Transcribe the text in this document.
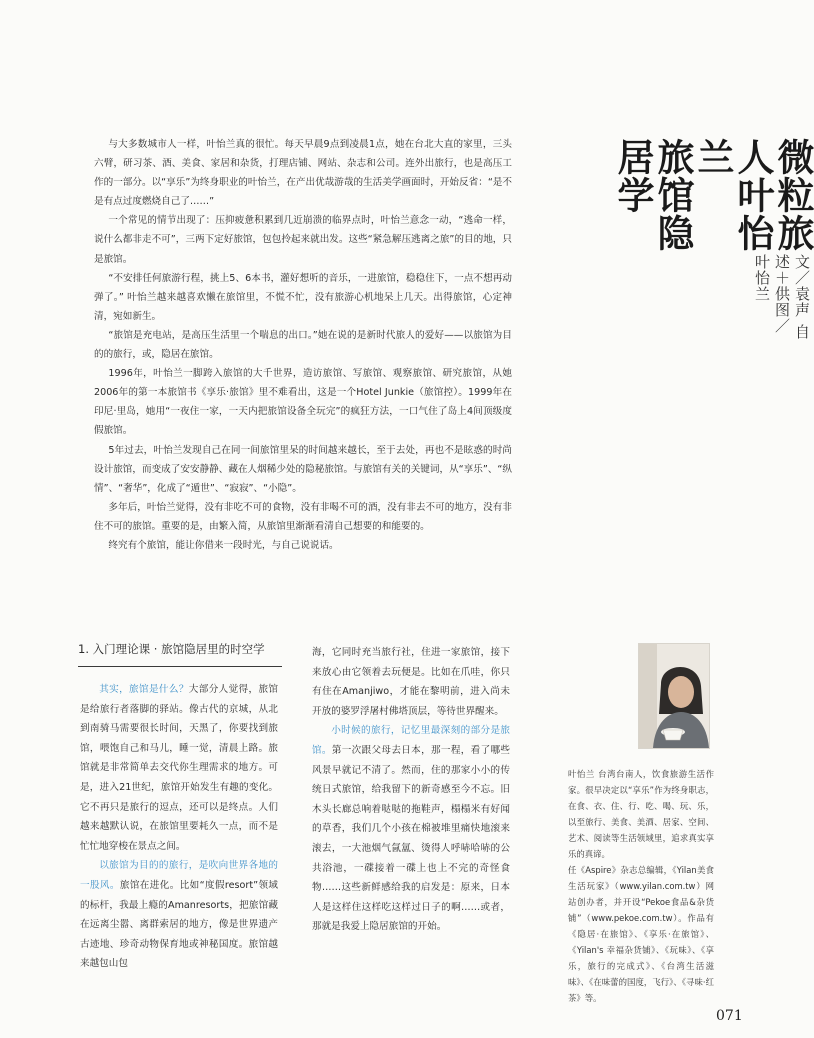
微粒旅人叶怡兰
旅馆隐居学
文／袁声 自述＋供图／叶怡兰

与大多数城市人一样，叶怡兰真的很忙。每天早晨9点到凌晨1点，她在台北大直的家里，三头六臂，研习茶、酒、美食、家居和杂货，打理店铺、网站、杂志和公司。连外出旅行，也是高压工作的一部分。以“享乐”为终身职业的叶怡兰，在产出优哉游哉的生活美学画面时，开始反省：“是不是有点过度燃烧自己了……”

一个常见的情节出现了：压抑疲惫积累到几近崩溃的临界点时，叶怡兰意念一动，“逃命一样，说什么都非走不可”，三两下定好旅馆，包包拎起来就出发。这些“紧急解压逃离之旅”的目的地，只是旅馆。

“不安排任何旅游行程，挑上5、6本书，灌好想听的音乐，一进旅馆，稳稳住下，一点不想再动弹了。” 叶怡兰越来越喜欢懒在旅馆里，不慌不忙，没有旅游心机地呆上几天。出得旅馆，心定神清，宛如新生。

“旅馆是充电站，是高压生活里一个喘息的出口。”她在说的是新时代旅人的爱好——以旅馆为目的的旅行，或，隐居在旅馆。

1996年，叶怡兰一脚跨入旅馆的大千世界，造访旅馆、写旅馆、观察旅馆、研究旅馆，从她2006年的第一本旅馆书《享乐·旅馆》里不难看出，这是一个Hotel Junkie（旅馆控）。1999年在印尼·里岛，她用“一夜住一家，一天内把旅馆设备全玩完”的疯狂方法，一口气住了岛上4间顶级度假旅馆。

5年过去，叶怡兰发现自己在同一间旅馆里呆的时间越来越长，至于去处，再也不是眩惑的时尚设计旅馆，而变成了安安静静、藏在人烟稀少处的隐秘旅馆。与旅馆有关的关键词，从“享乐”、“纵情”、“奢华”，化成了“遁世”、“寂寂”、“小隐”。

多年后，叶怡兰觉得，没有非吃不可的食物，没有非喝不可的酒，没有非去不可的地方，没有非住不可的旅馆。重要的是，由繁入简，从旅馆里渐渐看清自己想要的和能要的。

终究有个旅馆，能让你借来一段时光，与自己说说话。

1. 入门理论课 · 旅馆隐居里的时空学

其实，旅馆是什么？大部分人觉得，旅馆是给旅行者落脚的驿站。像古代的京城，从北到南骑马需要很长时间，天黑了，你要找到旅馆，喂饱自己和马儿，睡一觉，清晨上路。旅馆就是非常简单去交代你生理需求的地方。可是，进入21世纪，旅馆开始发生有趣的变化。它不再只是旅行的逗点，还可以是终点。人们越来越默认说，在旅馆里要耗久一点，而不是忙忙地穿梭在景点之间。

以旅馆为目的的旅行，是吹向世界各地的一股风。旅馆在进化。比如“度假resort”领域的标杆，我最上瘾的Amanresorts，把旅馆藏在远离尘嚣、离群索居的地方，像是世界遗产古迹地、珍奇动物保育地或神秘国度。旅馆越来越包山包

海，它同时充当旅行社，住进一家旅馆，接下来放心由它领着去玩便是。比如在爪哇，你只有住在Amanjiwo，才能在黎明前，进入尚未开放的婆罗浮屠村佛塔顶层，等待世界醒来。

小时候的旅行，记忆里最深刻的部分是旅馆。第一次跟父母去日本，那一程，看了哪些风景早就记不清了。然而，住的那家小小的传统日式旅馆，给我留下的新奇感至今不忘。旧木头长廊总响着哒哒的拖鞋声，榻榻米有好闻的草香，我们几个小孩在棉被堆里痛快地滚来滚去，一大池烟气氤氲、烫得人呼哧哈哧的公共浴池，一碟接着一碟上也上不完的奇怪食物……这些新鲜感给我的启发是：原来，日本人是这样住这样吃这样过日子的啊……或者，那就是我爱上隐居旅馆的开始。

叶怡兰 台湾台南人，饮食旅游生活作家。很早决定以“享乐”作为终身职志，在食、衣、住、行、吃、喝、玩、乐，以至旅行、美食、美酒、居家、空间、艺术、阅读等生活领域里，追求真实享乐的真谛。

任《Aspire》杂志总编辑，《Yilan美食生活玩家》（www.yilan.com.tw）网站创办者，并开设“Pekoe食品&杂货铺”（www.pekoe.com.tw）。作品有《隐居·在旅馆》、《享乐·在旅馆》、《Yilan's 幸福杂货铺》、《玩味》、《享乐，旅行的完成式》、《台湾生活滋味》、《在味蕾的国度，飞行》、《寻味·红茶》等。

071
